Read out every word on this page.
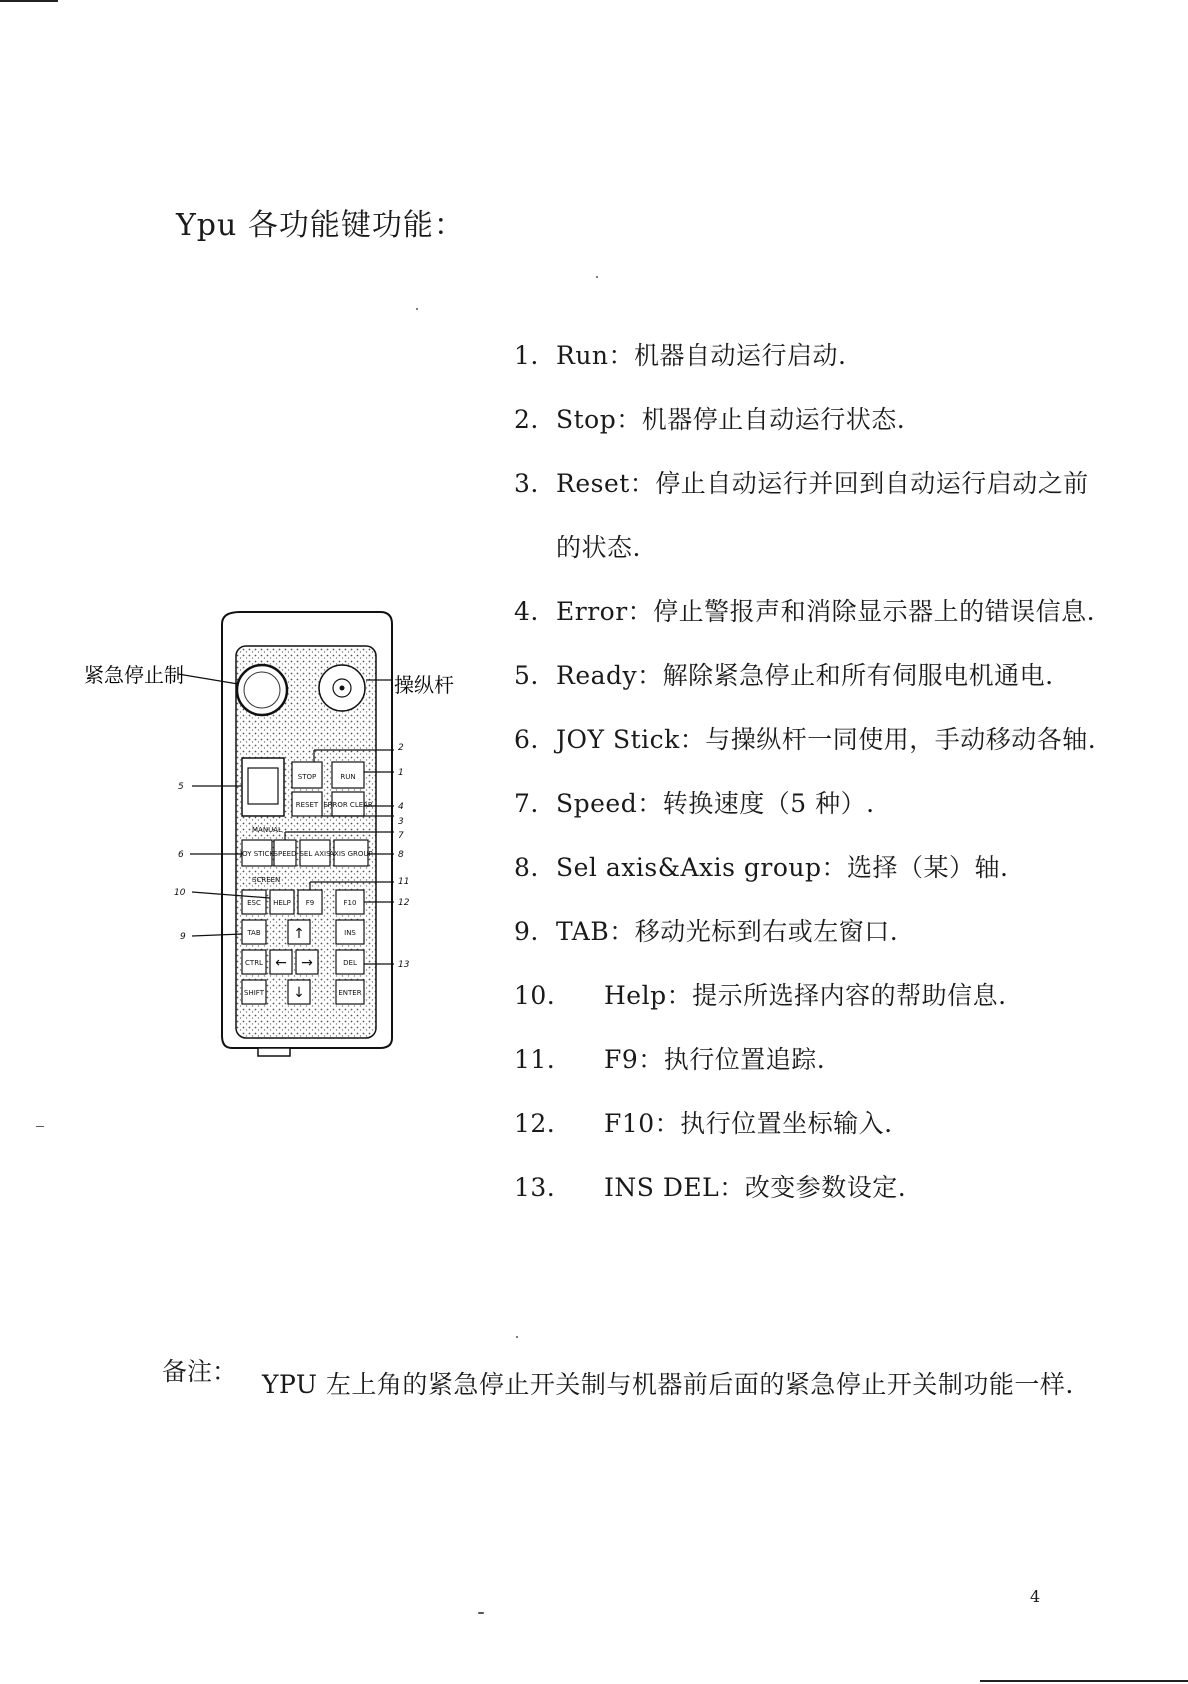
Ypu 各功能键功能：
1. Run：机器自动运行启动.
2. Stop：机器停止自动运行状态.
3. Reset：停止自动运行并回到自动运行启动之前
的状态.
4. Error：停止警报声和消除显示器上的错误信息.
5. Ready：解除紧急停止和所有伺服电机通电.
6. JOY Stick：与操纵杆一同使用，手动移动各轴.
7. Speed：转换速度（5 种）.
8. Sel axis&Axis group：选择（某）轴.
9. TAB：移动光标到右或左窗口.
10. Help：提示所选择内容的帮助信息.
11. F9：执行位置追踪.
12. F10：执行位置坐标输入.
13. INS DEL：改变参数设定.
STOP	RUN
RESET ERROR CLEAR
MANUAL
JOY STICK SPEED SEL AXIS
AXIS GROUP
SCREEN
ESC HELP F9	F10
TAB ↑	INS
CTRL ← →	DEL
SHIFT ↓	ENTER
操纵杆
紧急停止制
2
1
5
4
3
7
6	8
11
10
12
9
13
备注： YPU 左上角的紧急停止开关制与机器前后面的紧急停止开关制功能一样.
4
